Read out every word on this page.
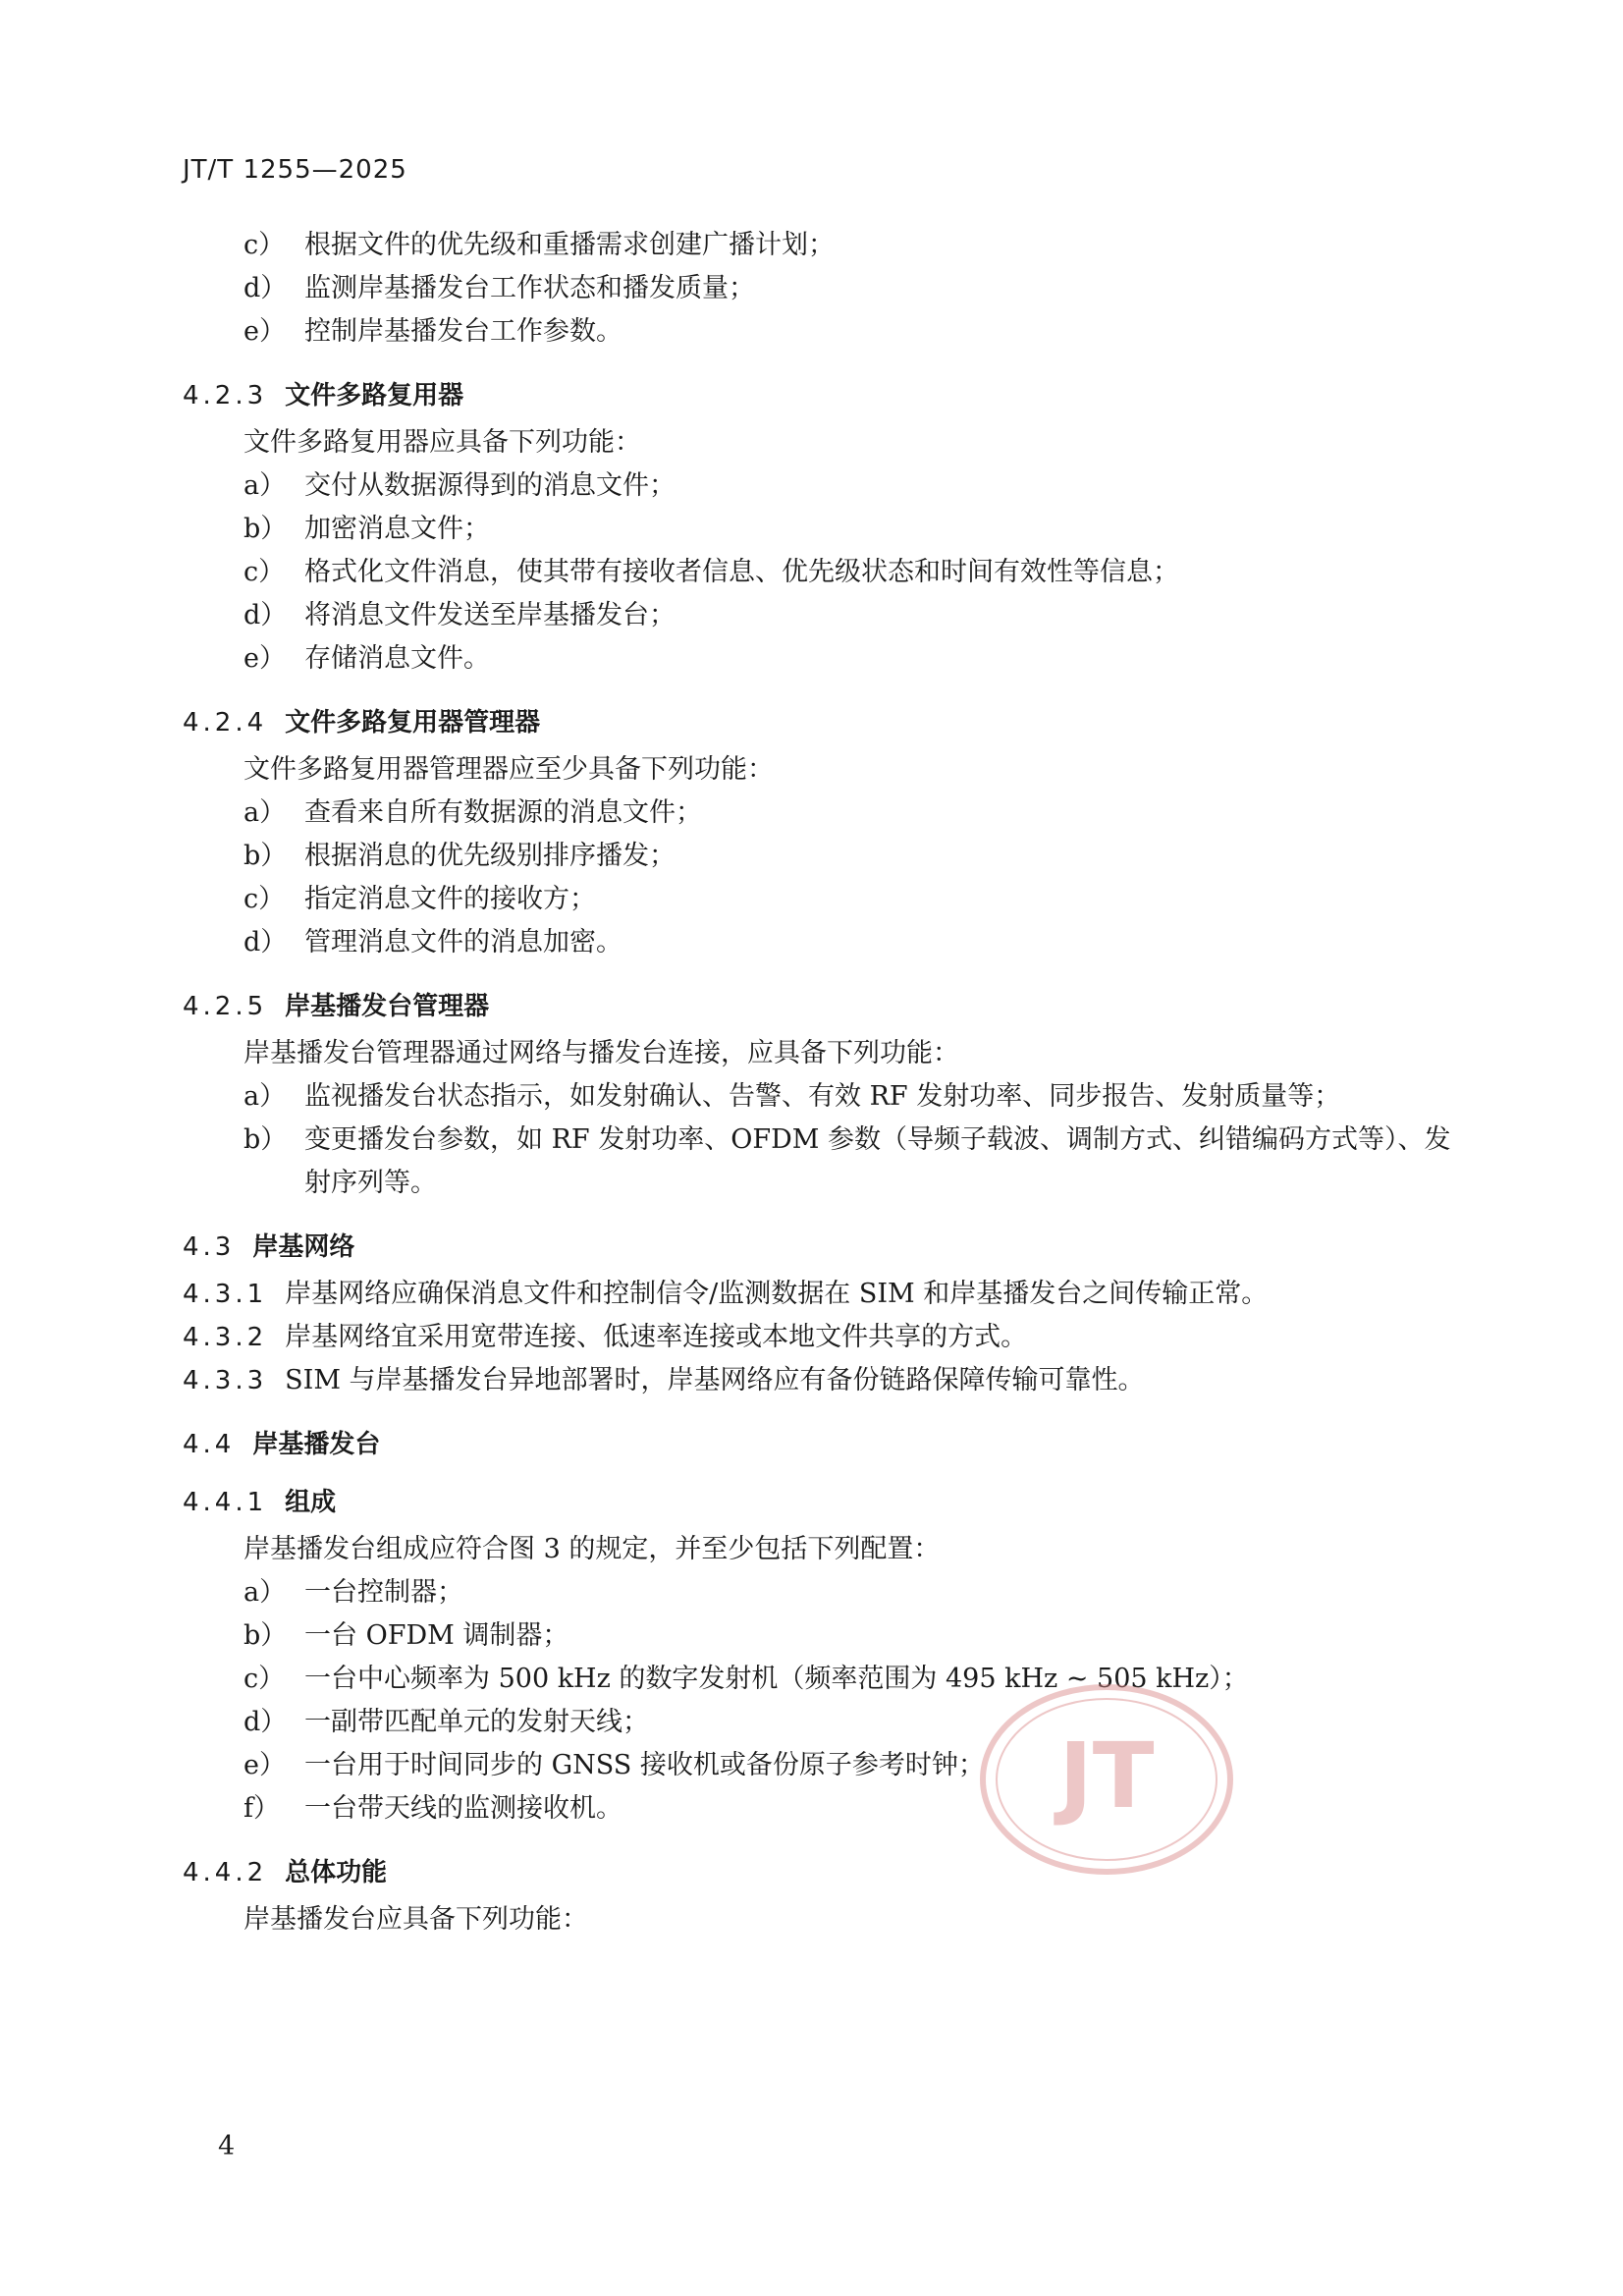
JT/T 1255—2025
c） 根据文件的优先级和重播需求创建广播计划；
d） 监测岸基播发台工作状态和播发质量；
e） 控制岸基播发台工作参数。
4.2.3 文件多路复用器
文件多路复用器应具备下列功能：
a） 交付从数据源得到的消息文件；
b） 加密消息文件；
c） 格式化文件消息，使其带有接收者信息、优先级状态和时间有效性等信息；
d） 将消息文件发送至岸基播发台；
e） 存储消息文件。
4.2.4 文件多路复用器管理器
文件多路复用器管理器应至少具备下列功能：
a） 查看来自所有数据源的消息文件；
b） 根据消息的优先级别排序播发；
c） 指定消息文件的接收方；
d） 管理消息文件的消息加密。
4.2.5 岸基播发台管理器
岸基播发台管理器通过网络与播发台连接，应具备下列功能：
a） 监视播发台状态指示，如发射确认、告警、有效 RF 发射功率、同步报告、发射质量等；
b） 变更播发台参数，如 RF 发射功率、OFDM 参数（导频子载波、调制方式、纠错编码方式等）、发射序列等。
4.3 岸基网络
4.3.1 岸基网络应确保消息文件和控制信令/监测数据在 SIM 和岸基播发台之间传输正常。
4.3.2 岸基网络宜采用宽带连接、低速率连接或本地文件共享的方式。
4.3.3 SIM 与岸基播发台异地部署时，岸基网络应有备份链路保障传输可靠性。
4.4 岸基播发台
4.4.1 组成
岸基播发台组成应符合图 3 的规定，并至少包括下列配置：
a） 一台控制器；
b） 一台 OFDM 调制器；
c） 一台中心频率为 500 kHz 的数字发射机（频率范围为 495 kHz ~ 505 kHz）；
d） 一副带匹配单元的发射天线；
e） 一台用于时间同步的 GNSS 接收机或备份原子参考时钟；
f） 一台带天线的监测接收机。
4.4.2 总体功能
岸基播发台应具备下列功能：
JT
4
